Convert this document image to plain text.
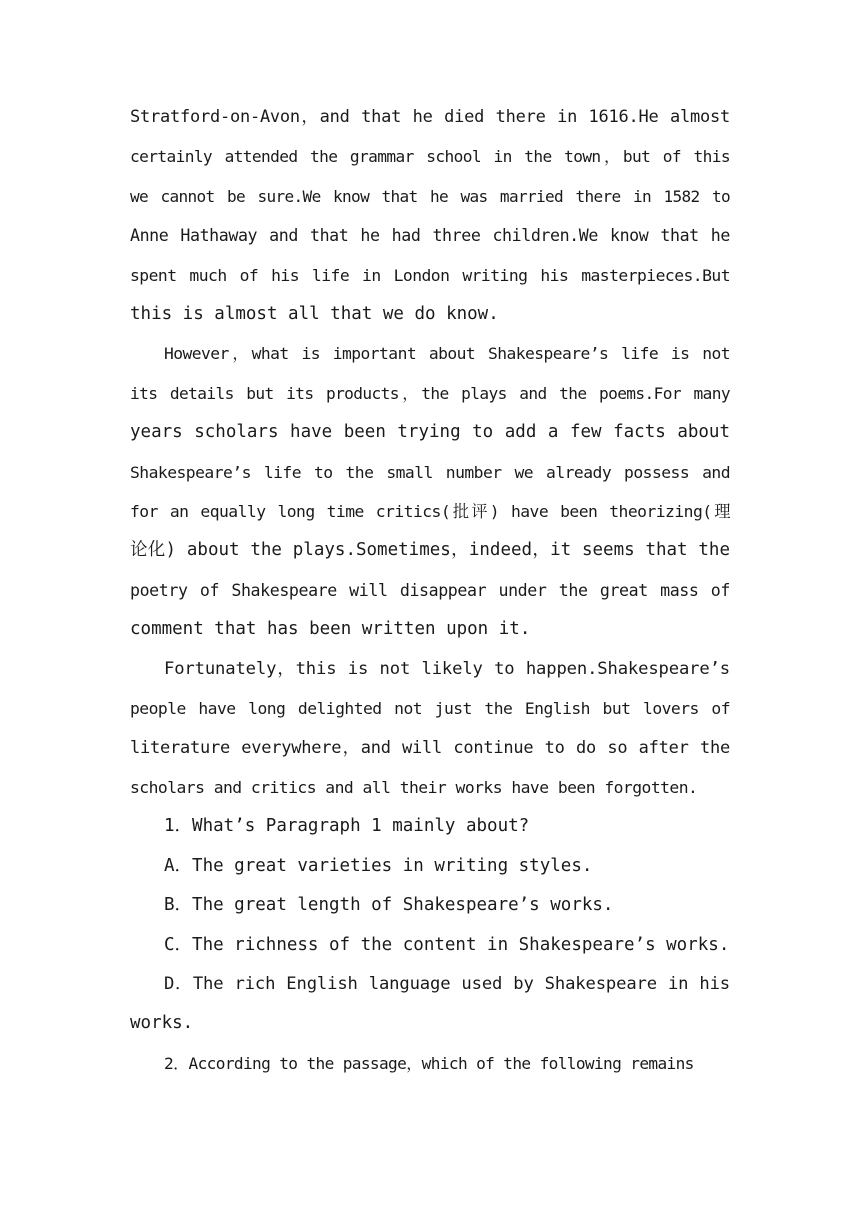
Stratford-on-Avon，and that he died there in 1616.He almost
certainly attended the grammar school in the town，but of this
we cannot be sure.We know that he was married there in 1582 to
Anne Hathaway and that he had three children.We know that he
spent much of his life in London writing his masterpieces.But
this is almost all that we do know.
However，what is important about Shakespeare’s life is not
its details but its products，the plays and the poems.For many
years scholars have been trying to add a few facts about
Shakespeare’s life to the small number we already possess and
for an equally long time critics(批评) have been theorizing(理
论化) about the plays.Sometimes，indeed，it seems that the
poetry of Shakespeare will disappear under the great mass of
comment that has been written upon it.
Fortunately，this is not likely to happen.Shakespeare’s
people have long delighted not just the English but lovers of
literature everywhere，and will continue to do so after the
scholars and critics and all their works have been forgotten.
1．What’s Paragraph 1 mainly about?
A．The great varieties in writing styles.
B．The great length of Shakespeare’s works.
C．The richness of the content in Shakespeare’s works.
D．The rich English language used by Shakespeare in his
works.
2．According to the passage，which of the following remains
